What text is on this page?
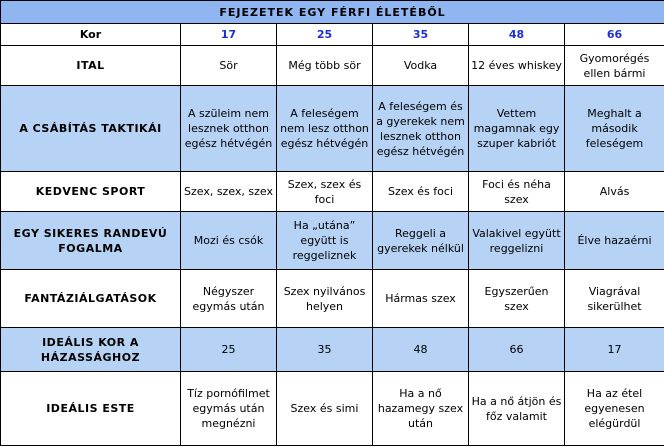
FEJEZETEK EGY FÉRFI ÉLETÉBŐL					
Kor	17	25	35	48	66
ITAL	Sör	Még több sör	Vodka	12 éves whiskey	Gyomorégés ellen bármi
A CSÁBÍTÁS TAKTIKÁI	A szüleim nem lesznek otthon egész hétvégén	A feleségem nem lesz otthon egész hétvégén	A feleségem és a gyerekek nem lesznek otthon egész hétvégén	Vettem magamnak egy szuper kabriót	Meghalt a második feleségem
KEDVENC SPORT	Szex, szex, szex	Szex, szex és foci	Szex és foci	Foci és néha szex	Alvás
EGY SIKERES RANDEVÚ FOGALMA	Mozi és csók	Ha „utána” együtt is reggeliznek	Reggeli a gyerekek nélkül	Valakivel együtt reggelizni	Élve hazaérni
FANTÁZIÁLGATÁSOK	Négyszer egymás után	Szex nyilvános helyen	Hármas szex	Egyszerűen szex	Viagrával sikerülhet
IDEÁLIS KOR A HÁZASSÁGHOZ	25	35	48	66	17
IDEÁLIS ESTE	Tíz pornófilmet egymás után megnézni	Szex és simi	Ha a nő hazamegy szex után	Ha a nő átjön és főz valamit	Ha az étel egyenesen elégürdül
